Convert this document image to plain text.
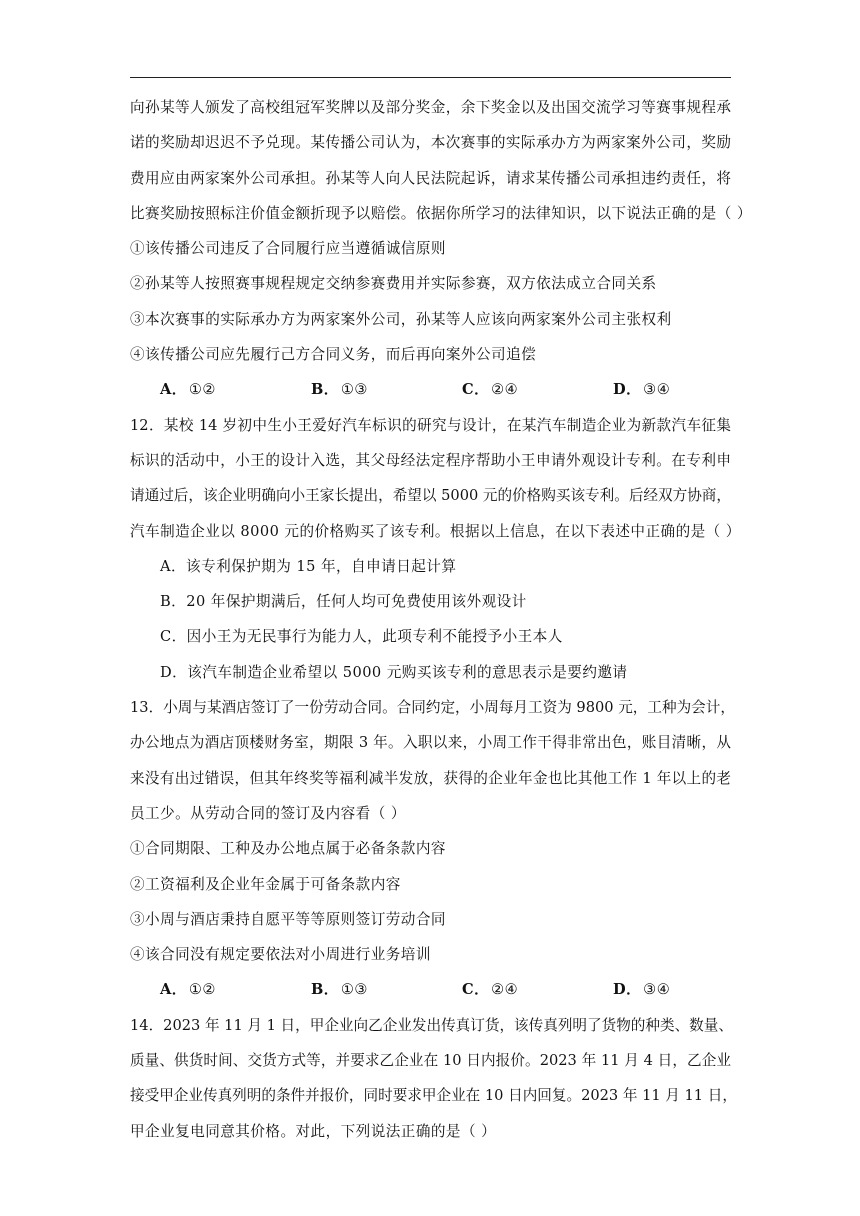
向孙某等人颁发了高校组冠军奖牌以及部分奖金，余下奖金以及出国交流学习等赛事规程承
诺的奖励却迟迟不予兑现。某传播公司认为，本次赛事的实际承办方为两家案外公司，奖励
费用应由两家案外公司承担。孙某等人向人民法院起诉，请求某传播公司承担违约责任，将
比赛奖励按照标注价值金额折现予以赔偿。依据你所学习的法律知识，以下说法正确的是（ ）
①该传播公司违反了合同履行应当遵循诚信原则
②孙某等人按照赛事规程规定交纳参赛费用并实际参赛，双方依法成立合同关系
③本次赛事的实际承办方为两家案外公司，孙某等人应该向两家案外公司主张权利
④该传播公司应先履行己方合同义务，而后再向案外公司追偿
A． ①②	B． ①③	C． ②④	D． ③④
12．某校 14 岁初中生小王爱好汽车标识的研究与设计，在某汽车制造企业为新款汽车征集
标识的活动中，小王的设计入选，其父母经法定程序帮助小王申请外观设计专利。在专利申
请通过后，该企业明确向小王家长提出，希望以 5000 元的价格购买该专利。后经双方协商，
汽车制造企业以 8000 元的价格购买了该专利。根据以上信息，在以下表述中正确的是（ ）
A．该专利保护期为 15 年，自申请日起计算
B．20 年保护期满后，任何人均可免费使用该外观设计
C．因小王为无民事行为能力人，此项专利不能授予小王本人
D．该汽车制造企业希望以 5000 元购买该专利的意思表示是要约邀请
13．小周与某酒店签订了一份劳动合同。合同约定，小周每月工资为 9800 元，工种为会计，
办公地点为酒店顶楼财务室，期限 3 年。入职以来，小周工作干得非常出色，账目清晰，从
来没有出过错误，但其年终奖等福利减半发放，获得的企业年金也比其他工作 1 年以上的老
员工少。从劳动合同的签订及内容看（ ）
①合同期限、工种及办公地点属于必备条款内容
②工资福利及企业年金属于可备条款内容
③小周与酒店秉持自愿平等等原则签订劳动合同
④该合同没有规定要依法对小周进行业务培训
A． ①②	B． ①③	C． ②④	D． ③④
14．2023 年 11 月 1 日，甲企业向乙企业发出传真订货，该传真列明了货物的种类、数量、
质量、供货时间、交货方式等，并要求乙企业在 10 日内报价。2023 年 11 月 4 日，乙企业
接受甲企业传真列明的条件并报价，同时要求甲企业在 10 日内回复。2023 年 11 月 11 日，
甲企业复电同意其价格。对此，下列说法正确的是（ ）
